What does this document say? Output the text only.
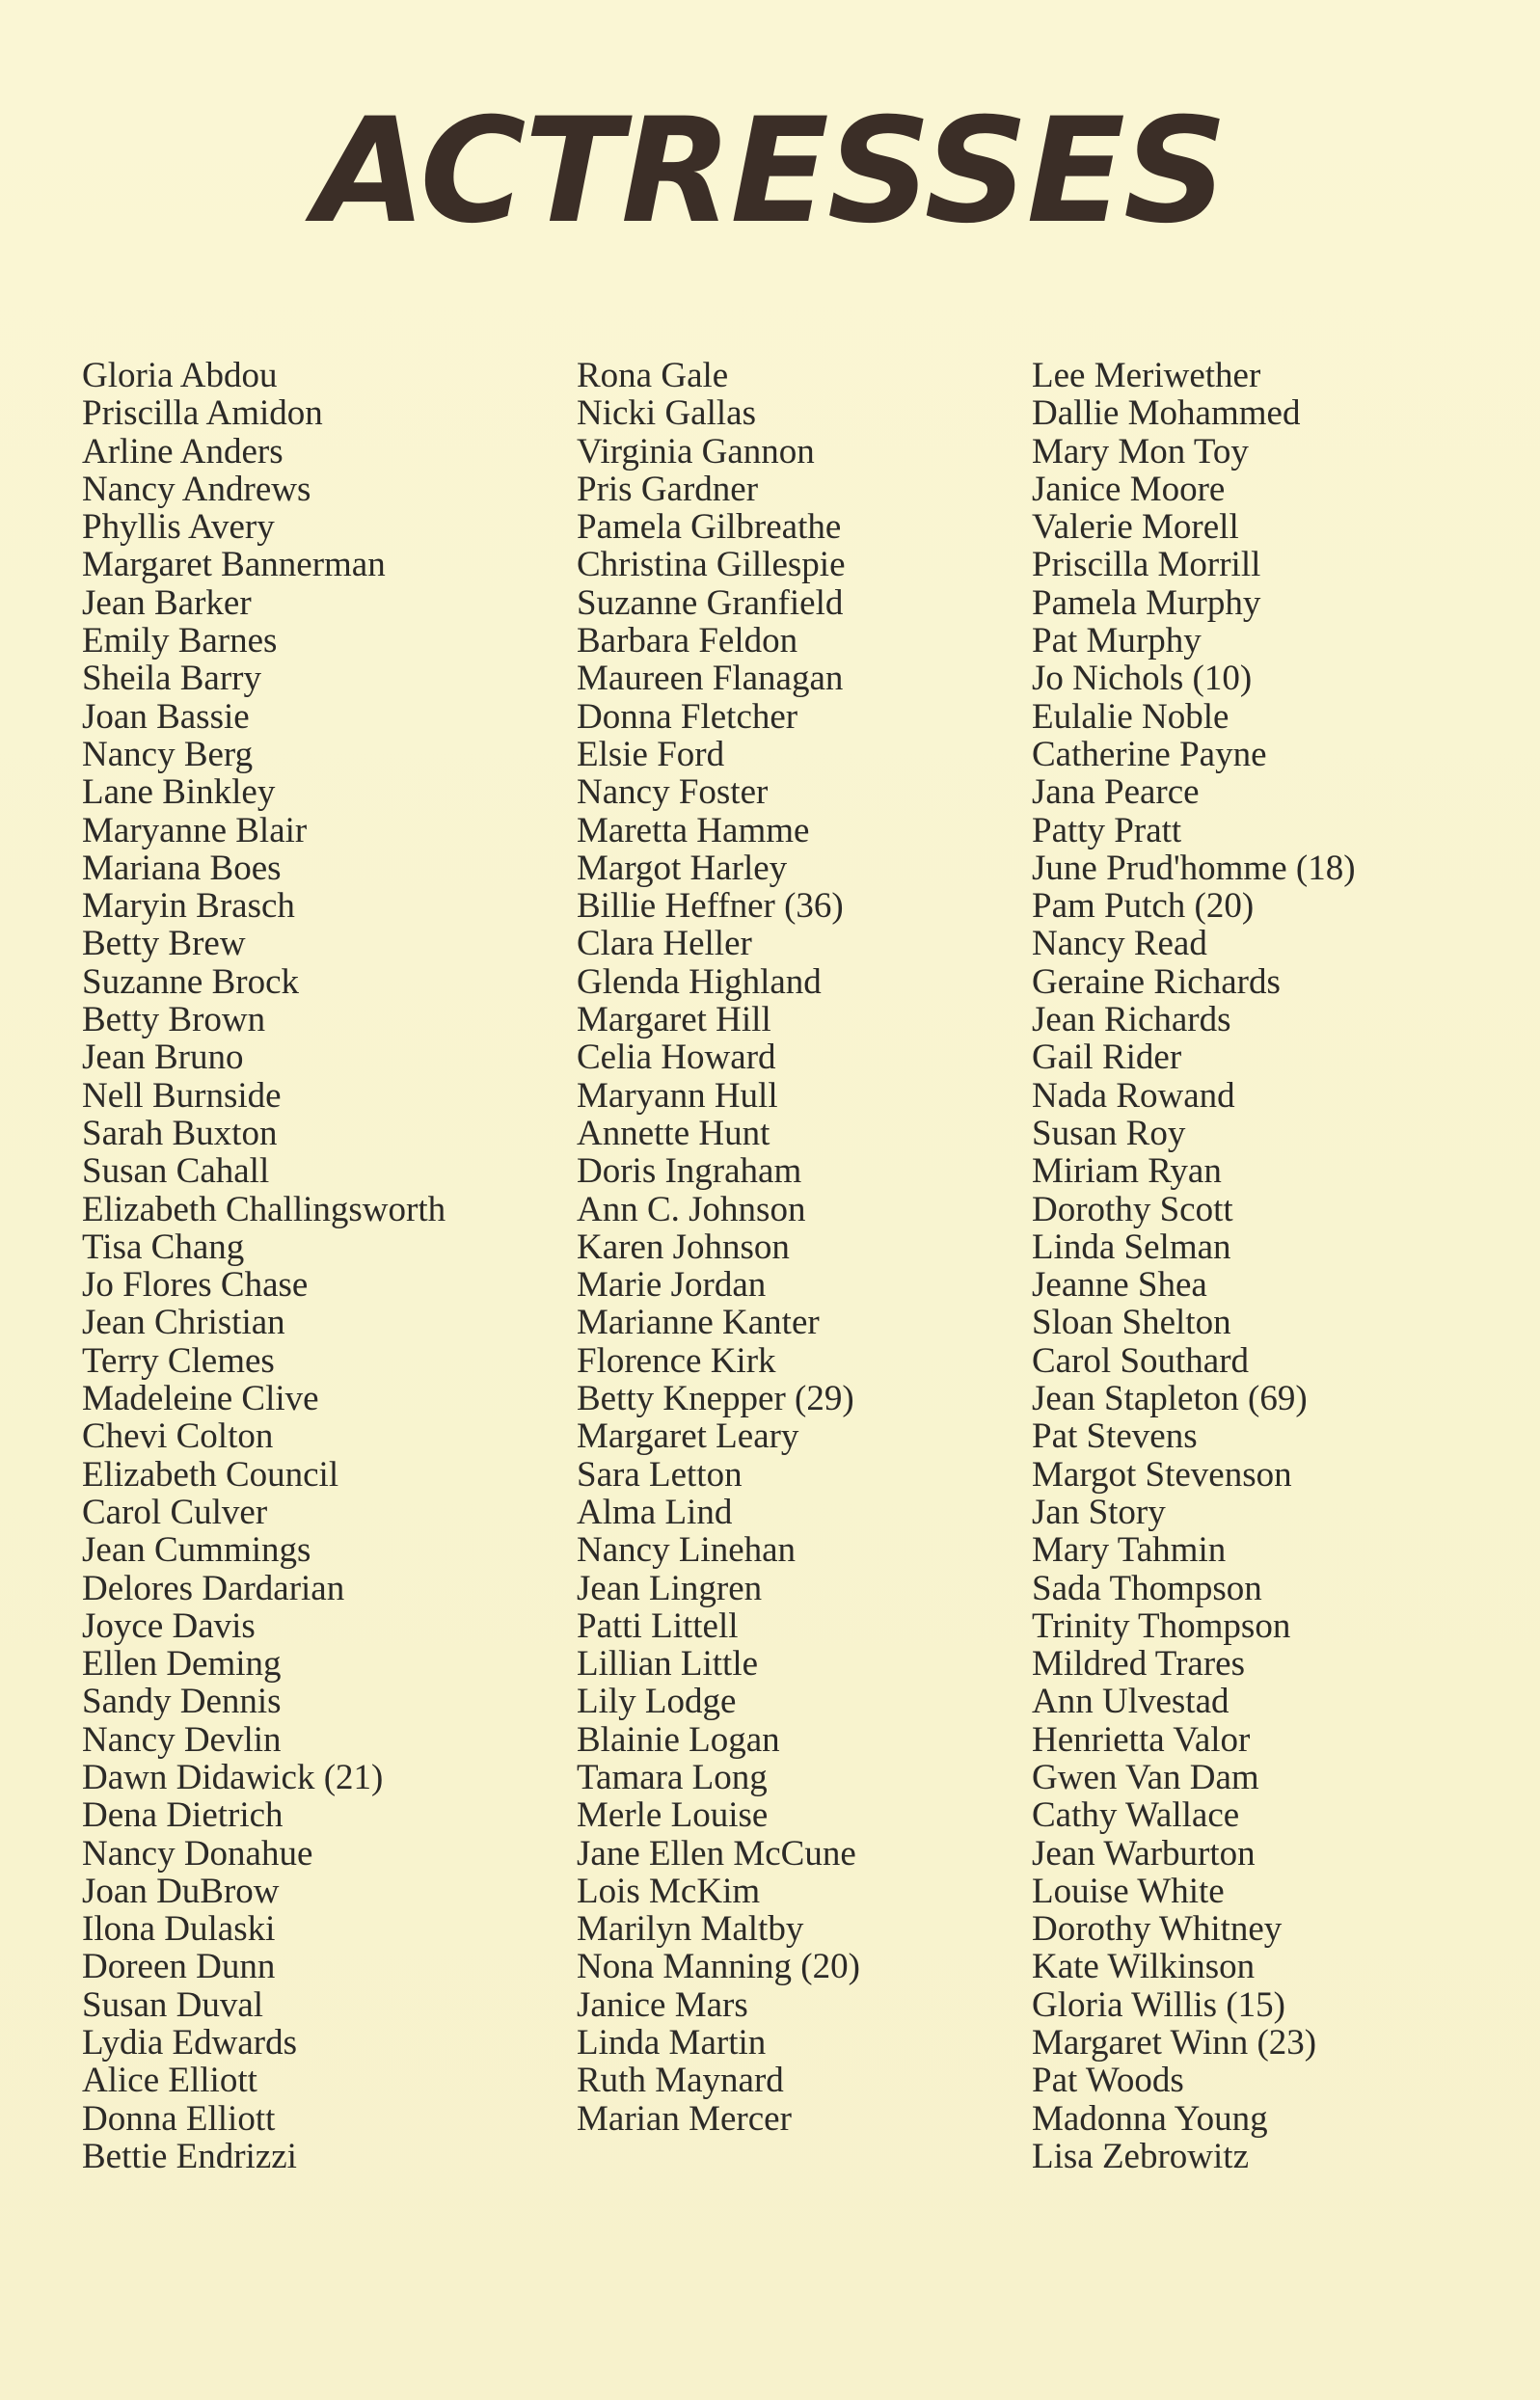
ACTRESSES
Gloria Abdou
Priscilla Amidon
Arline Anders
Nancy Andrews
Phyllis Avery
Margaret Bannerman
Jean Barker
Emily Barnes
Sheila Barry
Joan Bassie
Nancy Berg
Lane Binkley
Maryanne Blair
Mariana Boes
Maryin Brasch
Betty Brew
Suzanne Brock
Betty Brown
Jean Bruno
Nell Burnside
Sarah Buxton
Susan Cahall
Elizabeth Challingsworth
Tisa Chang
Jo Flores Chase
Jean Christian
Terry Clemes
Madeleine Clive
Chevi Colton
Elizabeth Council
Carol Culver
Jean Cummings
Delores Dardarian
Joyce Davis
Ellen Deming
Sandy Dennis
Nancy Devlin
Dawn Didawick (21)
Dena Dietrich
Nancy Donahue
Joan DuBrow
Ilona Dulaski
Doreen Dunn
Susan Duval
Lydia Edwards
Alice Elliott
Donna Elliott
Bettie Endrizzi
Rona Gale
Nicki Gallas
Virginia Gannon
Pris Gardner
Pamela Gilbreathe
Christina Gillespie
Suzanne Granfield
Barbara Feldon
Maureen Flanagan
Donna Fletcher
Elsie Ford
Nancy Foster
Maretta Hamme
Margot Harley
Billie Heffner (36)
Clara Heller
Glenda Highland
Margaret Hill
Celia Howard
Maryann Hull
Annette Hunt
Doris Ingraham
Ann C. Johnson
Karen Johnson
Marie Jordan
Marianne Kanter
Florence Kirk
Betty Knepper (29)
Margaret Leary
Sara Letton
Alma Lind
Nancy Linehan
Jean Lingren
Patti Littell
Lillian Little
Lily Lodge
Blainie Logan
Tamara Long
Merle Louise
Jane Ellen McCune
Lois McKim
Marilyn Maltby
Nona Manning (20)
Janice Mars
Linda Martin
Ruth Maynard
Marian Mercer
Lee Meriwether
Dallie Mohammed
Mary Mon Toy
Janice Moore
Valerie Morell
Priscilla Morrill
Pamela Murphy
Pat Murphy
Jo Nichols (10)
Eulalie Noble
Catherine Payne
Jana Pearce
Patty Pratt
June Prud'homme (18)
Pam Putch (20)
Nancy Read
Geraine Richards
Jean Richards
Gail Rider
Nada Rowand
Susan Roy
Miriam Ryan
Dorothy Scott
Linda Selman
Jeanne Shea
Sloan Shelton
Carol Southard
Jean Stapleton (69)
Pat Stevens
Margot Stevenson
Jan Story
Mary Tahmin
Sada Thompson
Trinity Thompson
Mildred Trares
Ann Ulvestad
Henrietta Valor
Gwen Van Dam
Cathy Wallace
Jean Warburton
Louise White
Dorothy Whitney
Kate Wilkinson
Gloria Willis (15)
Margaret Winn (23)
Pat Woods
Madonna Young
Lisa Zebrowitz
